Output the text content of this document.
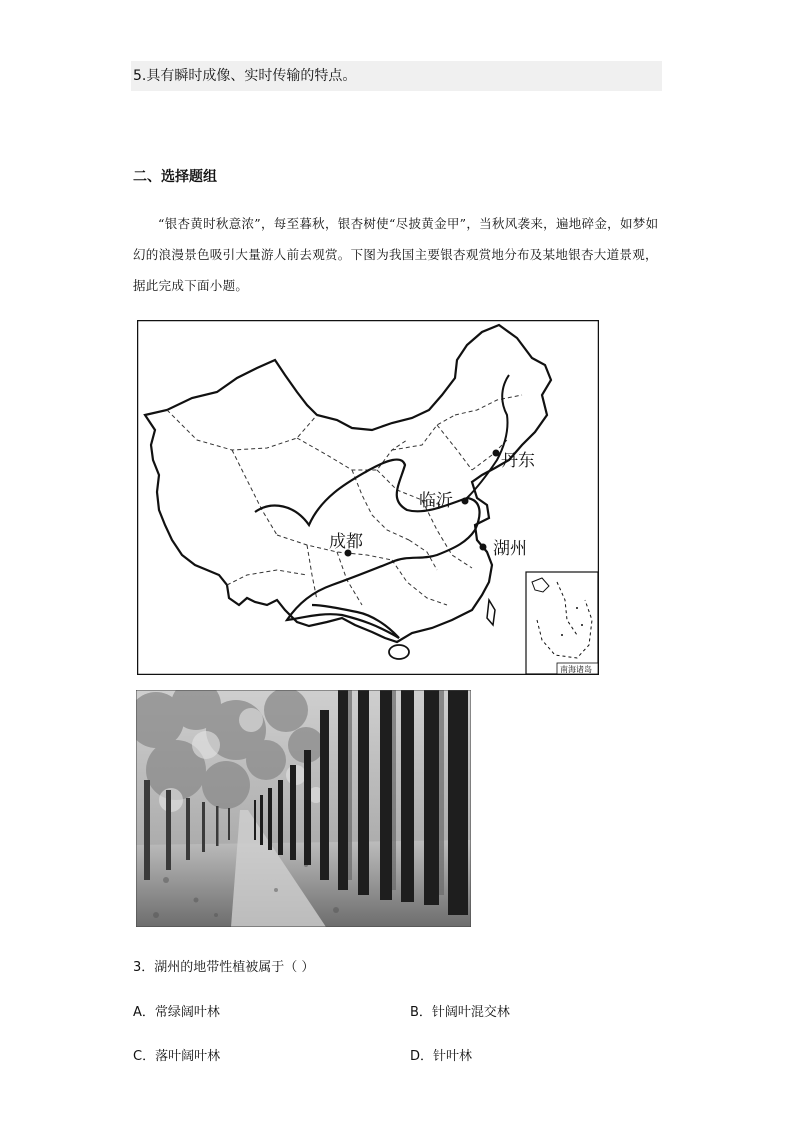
5.具有瞬时成像、实时传输的特点。
二、选择题组
“银杏黄时秋意浓”，每至暮秋，银杏树使“尽披黄金甲”，当秋风袭来，遍地碎金，如梦如幻的浪漫景色吸引大量游人前去观赏。下图为我国主要银杏观赏地分布及某地银杏大道景观，据此完成下面小题。
丹东
临沂
成都	湖州
南海诸岛
3．湖州的地带性植被属于（ ）
A．常绿阔叶林	B．针阔叶混交林
C．落叶阔叶林	D．针叶林
